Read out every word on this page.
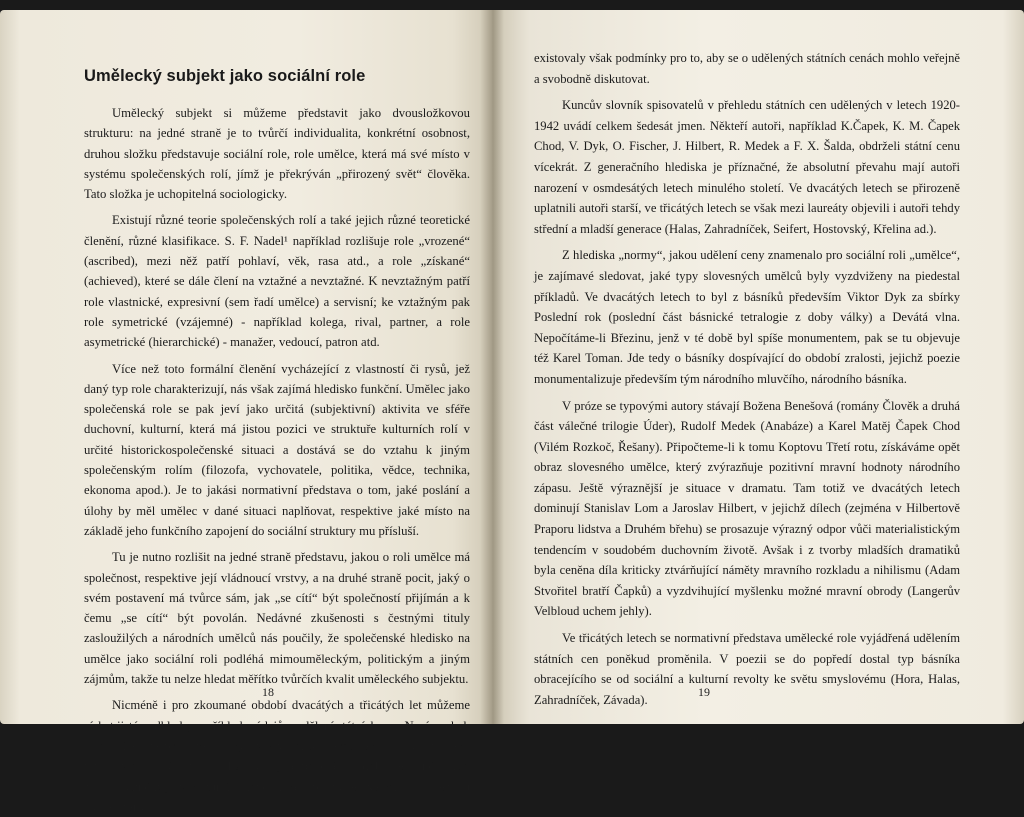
Umělecký subjekt jako sociální role

Umělecký subjekt si můžeme představit jako dvousložkovou strukturu: na jedné straně je to tvůrčí individualita, konkrétní osobnost, druhou složku představuje sociální role, role umělce, která má své místo v systému společenských rolí, jímž je překrýván „přirozený svět“ člověka. Tato složka je uchopitelná sociologicky.

Existují různé teorie společenských rolí a také jejich různé teoretické členění, různé klasifikace. S. F. Nadel¹ například rozlišuje role „vrozené“ (ascribed), mezi něž patří pohlaví, věk, rasa atd., a role „získané“ (achieved), které se dále člení na vztažné a nevztažné. K nevztažným patří role vlastnické, expresivní (sem řadí umělce) a servisní; ke vztažným pak role symetrické (vzájemné) - například kolega, rival, partner, a role asymetrické (hierarchické) - manažer, vedoucí, patron atd.

Více než toto formální členění vycházející z vlastností či rysů, jež daný typ role charakterizují, nás však zajímá hledisko funkční. Umělec jako společenská role se pak jeví jako určitá (subjektivní) aktivita ve sféře duchovní, kulturní, která má jistou pozici ve struktuře kulturních rolí v určité historickospolečenské situaci a dostává se do vztahu k jiným společenským rolím (filozofa, vychovatele, politika, vědce, technika, ekonoma apod.). Je to jakási normativní představa o tom, jaké poslání a úlohy by měl umělec v dané situaci naplňovat, respektive jaké místo na základě jeho funkčního zapojení do sociální struktury mu přísluší.

Tu je nutno rozlišit na jedné straně představu, jakou o roli umělce má společnost, respektive její vládnoucí vrstvy, a na druhé straně pocit, jaký o svém postavení má tvůrce sám, jak „se cítí“ být společností přijímán a k čemu „se cítí“ být povolán. Nedávné zkušenosti s čestnými tituly zasloužilých a národních umělců nás poučily, že společenské hledisko na umělce jako sociální roli podléhá mimouměleckým, politickým a jiným zájmům, takže tu nelze hledat měřítko tvůrčích kvalit uměleckého subjektu.

Nicméně i pro zkoumané období dvacátých a třicátých let můžeme získat jisté podklady, například z údajů o udělení státních cen. Není pochyb o tom, že i za první republiky byly v pozadí těchto aktů - obdobně jako tomu bylo v jiných podmínkách a v jiné podobě i v době nedávné v naší zemi - různé zájmy kulturní, ekonomické i politické. Na rozdíl od režimu jedné strany

18

existovaly však podmínky pro to, aby se o udělených státních cenách mohlo veřejně a svobodně diskutovat.

Kuncův slovník spisovatelů v přehledu státních cen udělených v letech 1920-1942 uvádí celkem šedesát jmen. Někteří autoři, například K.Čapek, K. M. Čapek Chod, V. Dyk, O. Fischer, J. Hilbert, R. Medek a F. X. Šalda, obdrželi státní cenu vícekrát. Z generačního hlediska je příznačné, že absolutní převahu mají autoři narození v osmdesátých letech minulého století. Ve dvacátých letech se přirozeně uplatnili autoři starší, ve třicátých letech se však mezi laureáty objevili i autoři tehdy střední a mladší generace (Halas, Zahradníček, Seifert, Hostovský, Křelina ad.).

Z hlediska „normy“, jakou udělení ceny znamenalo pro sociální roli „umělce“, je zajímavé sledovat, jaké typy slovesných umělců byly vyzdviženy na piedestal příkladů. Ve dvacátých letech to byl z básníků především Viktor Dyk za sbírky Poslední rok (poslední část básnické tetralogie z doby války) a Devátá vlna. Nepočítáme-li Březinu, jenž v té době byl spíše monumentem, pak se tu objevuje též Karel Toman. Jde tedy o básníky dospívající do období zralosti, jejichž poezie monumentalizuje především tým národního mluvčího, národního básníka.

V próze se typovými autory stávají Božena Benešová (romány Člověk a druhá část válečné trilogie Úder), Rudolf Medek (Anabáze) a Karel Matěj Čapek Chod (Vilém Rozkoč, Řešany). Připočteme-li k tomu Koptovu Třetí rotu, získáváme opět obraz slovesného umělce, který zvýrazňuje pozitivní mravní hodnoty národního zápasu. Ještě výraznější je situace v dramatu. Tam totiž ve dvacátých letech dominují Stanislav Lom a Jaroslav Hilbert, v jejichž dílech (zejména v Hilbertově Praporu lidstva a Druhém břehu) se prosazuje výrazný odpor vůči materialistickým tendencím v soudobém duchovním životě. Avšak i z tvorby mladších dramatiků byla ceněna díla kriticky ztvárňující náměty mravního rozkladu a nihilismu (Adam Stvořitel bratří Čapků) a vyzdvihující myšlenku možné mravní obrody (Langerův Velbloud uchem jehly).

Ve třicátých letech se normativní představa umělecké role vyjádřená udělením státních cen poněkud proměnila. V poezii se do popředí dostal typ básníka obracejícího se od sociální a kulturní revolty ke světu smyslovému (Hora, Halas, Zahradníček, Závada).

19
